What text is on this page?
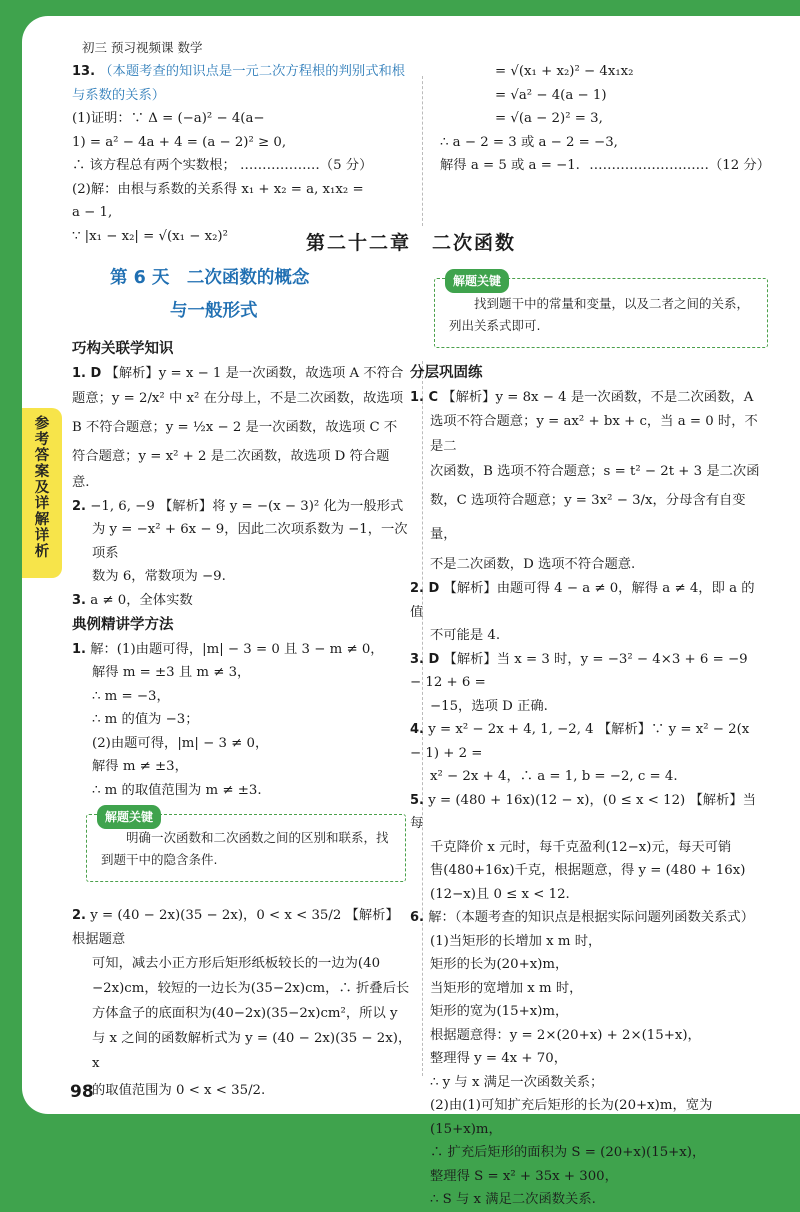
初三 预习视频课 数学
13. （本题考查的知识点是一元二次方程根的判别式和根与系数的关系）
(1)证明：∵ Δ = (−a)² − 4(a−
1) = a² − 4a + 4 = (a − 2)² ≥ 0,
∴ 该方程总有两个实数根； ………………（5 分）
(2)解：由根与系数的关系得 x₁ + x₂ = a, x₁x₂ =
a − 1,
∵ |x₁ − x₂| = √(x₁ − x₂)²
= √(x₁ + x₂)² − 4x₁x₂
= √a² − 4(a − 1)
= √(a − 2)² = 3,
∴ a − 2 = 3 或 a − 2 = −3,
解得 a = 5 或 a = −1. ………………………（12 分）
第二十二章　二次函数
第 6 天　二次函数的概念
与一般形式
解题关键
找到题干中的常量和变量，以及二者之间的关系，列出关系式即可.
巧构关联学知识
1. D 【解析】y = x − 1 是一次函数，故选项 A 不符合
题意；y = 2/x² 中 x² 在分母上，不是二次函数，故选项
B 不符合题意；y = ½x − 2 是一次函数，故选项 C 不
符合题意；y = x² + 2 是二次函数，故选项 D 符合题
意.
2. −1, 6, −9 【解析】将 y = −(x − 3)² 化为一般形式
为 y = −x² + 6x − 9，因此二次项系数为 −1，一次项系
数为 6，常数项为 −9.
3. a ≠ 0，全体实数
典例精讲学方法
1. 解：(1)由题可得，|m| − 3 = 0 且 3 − m ≠ 0，
解得 m = ±3 且 m ≠ 3，
∴ m = −3，
∴ m 的值为 −3；
(2)由题可得，|m| − 3 ≠ 0，
解得 m ≠ ±3，
∴ m 的取值范围为 m ≠ ±3.
解题关键
明确一次函数和二次函数之间的区别和联系，找到题干中的隐含条件.
2. y = (40 − 2x)(35 − 2x)，0 < x < 35/2 【解析】根据题意
可知，减去小正方形后矩形纸板较长的一边为(40
−2x)cm，较短的一边长为(35−2x)cm，∴ 折叠后长
方体盒子的底面积为(40−2x)(35−2x)cm²，所以 y
与 x 之间的函数解析式为 y = (40 − 2x)(35 − 2x)，x
的取值范围为 0 < x < 35/2.
分层巩固练
1. C 【解析】y = 8x − 4 是一次函数，不是二次函数，A
选项不符合题意；y = ax² + bx + c，当 a = 0 时，不是二
次函数，B 选项不符合题意；s = t² − 2t + 3 是二次函
数，C 选项符合题意；y = 3x² − 3/x，分母含有自变量，
不是二次函数，D 选项不符合题意.
2. D 【解析】由题可得 4 − a ≠ 0，解得 a ≠ 4，即 a 的值
不可能是 4.
3. D 【解析】当 x = 3 时，y = −3² − 4×3 + 6 = −9 − 12 + 6 =
−15，选项 D 正确.
4. y = x² − 2x + 4, 1, −2, 4 【解析】∵ y = x² − 2(x − 1) + 2 =
x² − 2x + 4，∴ a = 1, b = −2, c = 4.
5. y = (480 + 16x)(12 − x)，(0 ≤ x < 12) 【解析】当每
千克降价 x 元时，每千克盈利(12−x)元，每天可销
售(480+16x)千克，根据题意，得 y = (480 + 16x)
(12−x)且 0 ≤ x < 12.
6. 解：（本题考查的知识点是根据实际问题列函数关系式）(1)当矩形的长增加 x m 时，
矩形的长为(20+x)m，
当矩形的宽增加 x m 时，
矩形的宽为(15+x)m，
根据题意得：y = 2×(20+x) + 2×(15+x)，
整理得 y = 4x + 70，
∴ y 与 x 满足一次函数关系；
(2)由(1)可知扩充后矩形的长为(20+x)m，宽为
(15+x)m，
∴ 扩充后矩形的面积为 S = (20+x)(15+x)，
整理得 S = x² + 35x + 300，
∴ S 与 x 满足二次函数关系.
参考答案及详解详析
98
